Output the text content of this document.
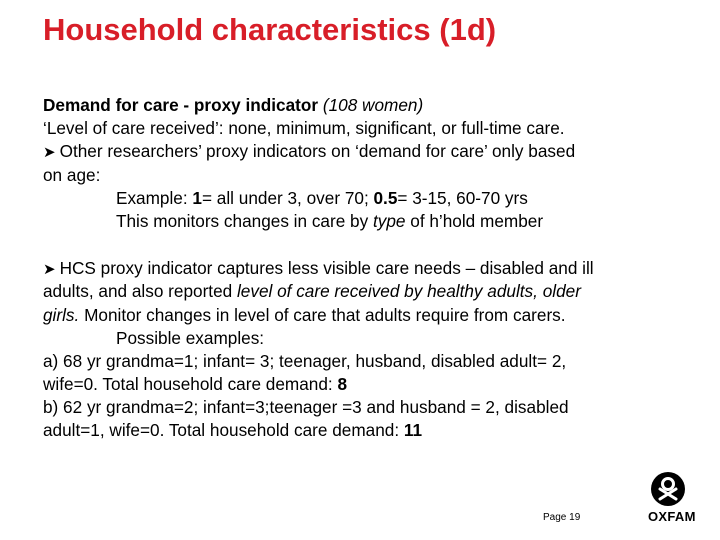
Household characteristics (1d)
Demand for care - proxy indicator (108 women)
‘Level of care received’: none, minimum, significant, or full-time care.
➤ Other researchers’ proxy indicators on ‘demand for care’ only based
on age:
Example: 1= all under 3, over 70; 0.5= 3-15, 60-70 yrs
This monitors changes in care by type of h’hold member
➤ HCS proxy indicator captures less visible care needs – disabled and ill
adults, and also reported level of care received by healthy adults, older
girls. Monitor changes in level of care that adults require from carers.
Possible examples:
a) 68 yr grandma=1; infant= 3; teenager, husband, disabled adult= 2,
wife=0. Total household care demand: 8
b) 62 yr grandma=2; infant=3;teenager =3 and husband = 2, disabled
adult=1, wife=0. Total household care demand: 11
Page 19	OXFAM
